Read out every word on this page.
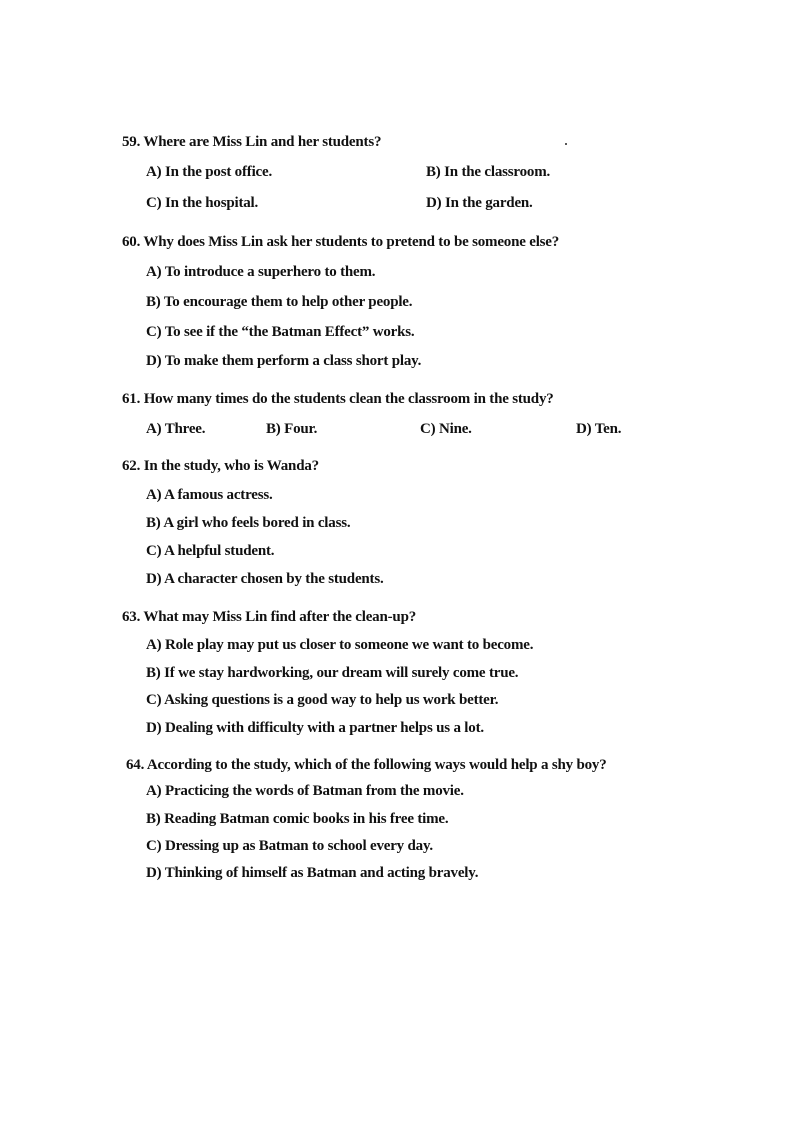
59. Where are Miss Lin and her students?
A) In the post office.	B) In the classroom.
C) In the hospital.	D) In the garden.
60. Why does Miss Lin ask her students to pretend to be someone else?
A) To introduce a superhero to them.
B) To encourage them to help other people.
C) To see if the “the Batman Effect” works.
D) To make them perform a class short play.
61. How many times do the students clean the classroom in the study?
A) Three.	B) Four.	C) Nine.	D) Ten.
62. In the study, who is Wanda?
A) A famous actress.
B) A girl who feels bored in class.
C) A helpful student.
D) A character chosen by the students.
63. What may Miss Lin find after the clean-up?
A) Role play may put us closer to someone we want to become.
B) If we stay hardworking, our dream will surely come true.
C) Asking questions is a good way to help us work better.
D) Dealing with difficulty with a partner helps us a lot.
64. According to the study, which of the following ways would help a shy boy?
A) Practicing the words of Batman from the movie.
B) Reading Batman comic books in his free time.
C) Dressing up as Batman to school every day.
D) Thinking of himself as Batman and acting bravely.
